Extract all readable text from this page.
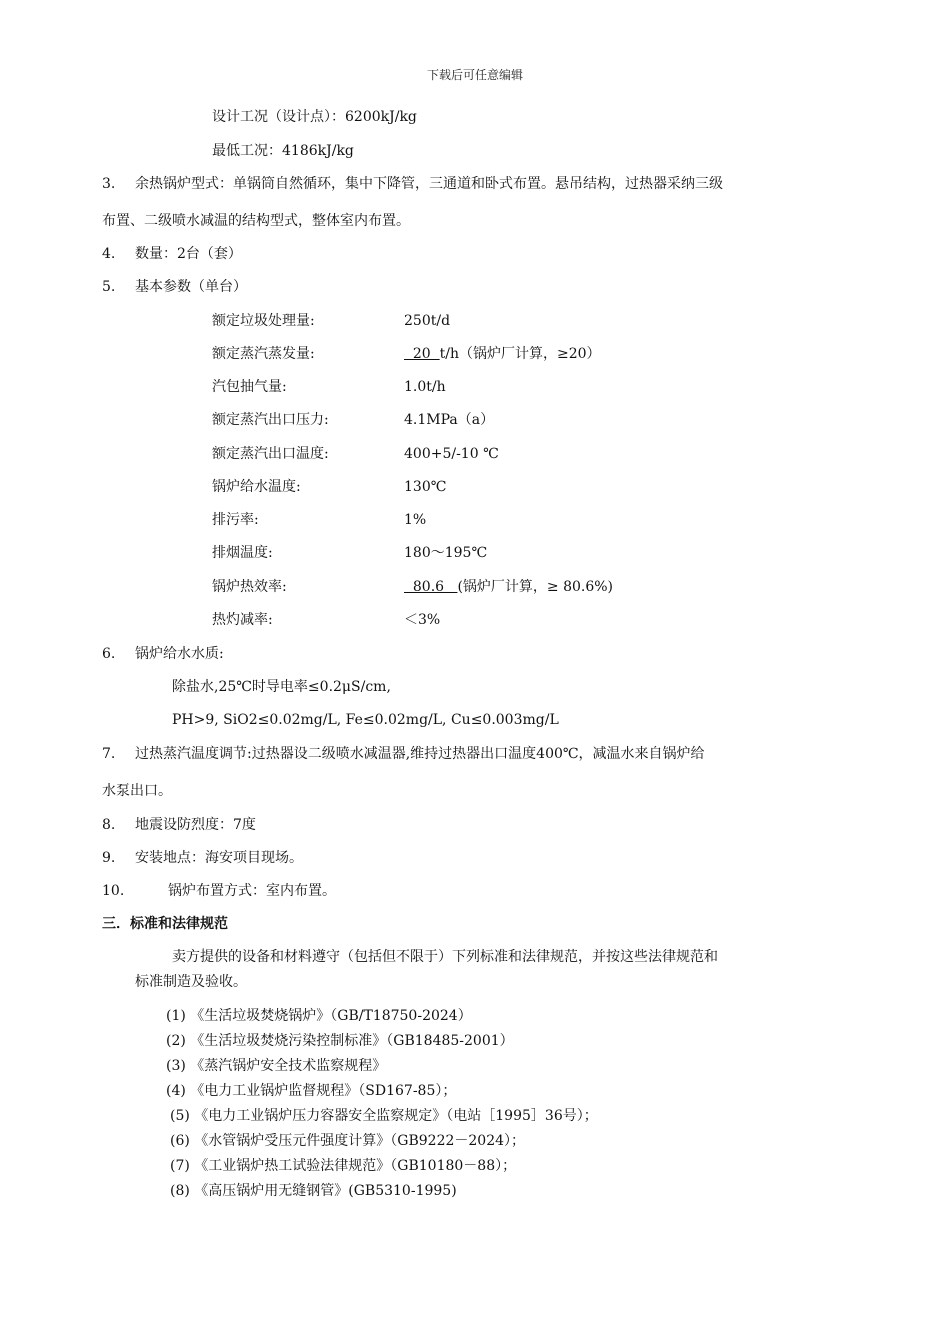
下载后可任意编辑
设计工况（设计点）：6200kJ/kg
最低工况：4186kJ/kg
3. 余热锅炉型式：单锅筒自然循环，集中下降管，三通道和卧式布置。悬吊结构，过热器采纳三级
布置、二级喷水减温的结构型式，整体室内布置。
4. 数量：2台（套）
5. 基本参数（单台）
额定垃圾处理量:	250t/d
额定蒸汽蒸发量:	20  t/h（锅炉厂计算，≥20）
汽包抽气量:	1.0t/h
额定蒸汽出口压力:	4.1MPa（a）
额定蒸汽出口温度:	400+5/-10 ℃
锅炉给水温度:	130℃
排污率:	1%
排烟温度:	180～195℃
锅炉热效率:	80.6   (锅炉厂计算，≥ 80.6%)
热灼减率:	＜3%
6. 锅炉给水水质:
除盐水,25℃时导电率≤0.2μS/cm,
PH>9, SiO2≤0.02mg/L, Fe≤0.02mg/L, Cu≤0.003mg/L
7. 过热蒸汽温度调节:过热器设二级喷水减温器,维持过热器出口温度400℃，减温水来自锅炉给
水泵出口。
8. 地震设防烈度：7度
9. 安装地点：海安项目现场。
10.	锅炉布置方式：室内布置。
三．标准和法律规范
卖方提供的设备和材料遵守（包括但不限于）下列标准和法律规范，并按这些法律规范和
标准制造及验收。
(1) 《生活垃圾焚烧锅炉》（GB/T18750-2024）
(2) 《生活垃圾焚烧污染控制标准》（GB18485-2001）
(3) 《蒸汽锅炉安全技术监察规程》
(4) 《电力工业锅炉监督规程》（SD167-85）；
(5) 《电力工业锅炉压力容器安全监察规定》（电站［1995］36号）；
(6) 《水管锅炉受压元件强度计算》（GB9222－2024）；
(7) 《工业锅炉热工试验法律规范》（GB10180－88）；
(8) 《高压锅炉用无缝钢管》(GB5310-1995)
